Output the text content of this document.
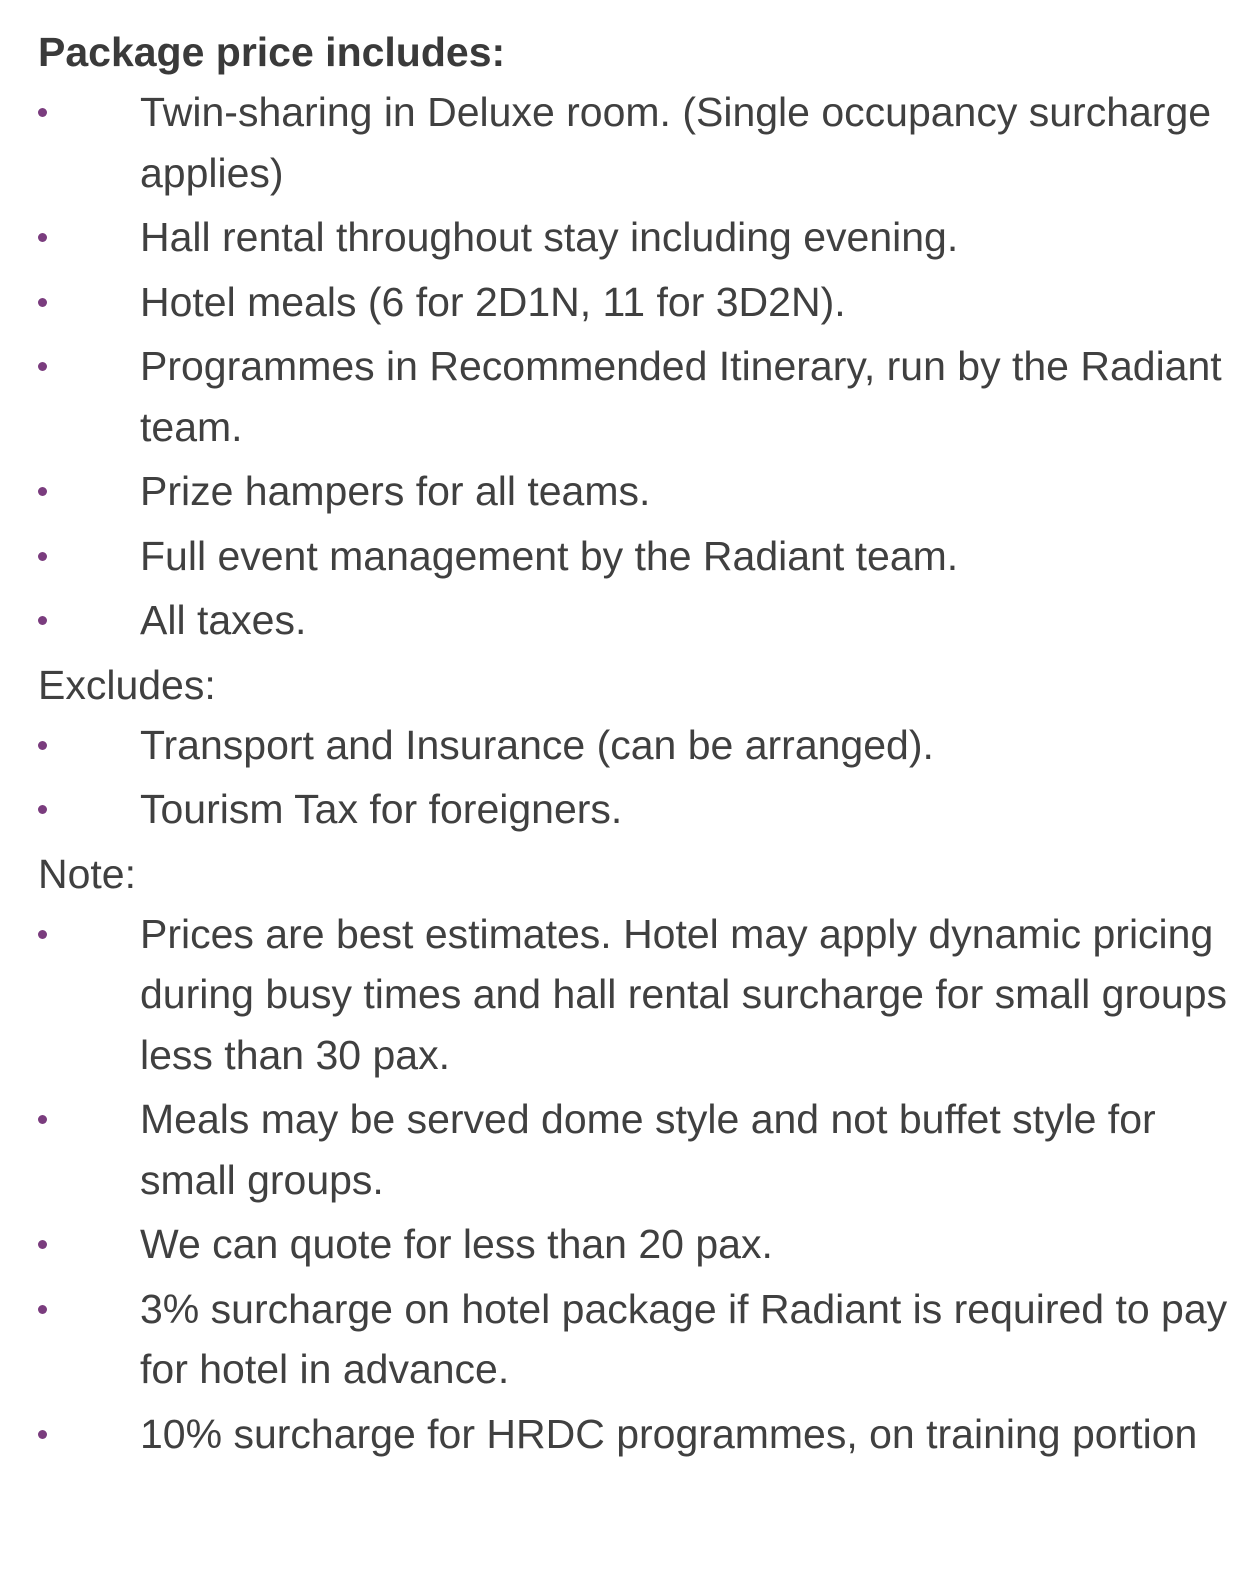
Package price includes:

Twin-sharing in Deluxe room. (Single occupancy surcharge applies)
Hall rental throughout stay including evening.
Hotel meals (6 for 2D1N, 11 for 3D2N).
Programmes in Recommended Itinerary, run by the Radiant team.
Prize hampers for all teams.
Full event management by the Radiant team.
All taxes.

Excludes:

Transport and Insurance (can be arranged).
Tourism Tax for foreigners.

Note:

Prices are best estimates. Hotel may apply dynamic pricing during busy times and hall rental surcharge for small groups less than 30 pax.
Meals may be served dome style and not buffet style for small groups.
We can quote for less than 20 pax.
3% surcharge on hotel package if Radiant is required to pay for hotel in advance.
10% surcharge for HRDC programmes, on training portion
